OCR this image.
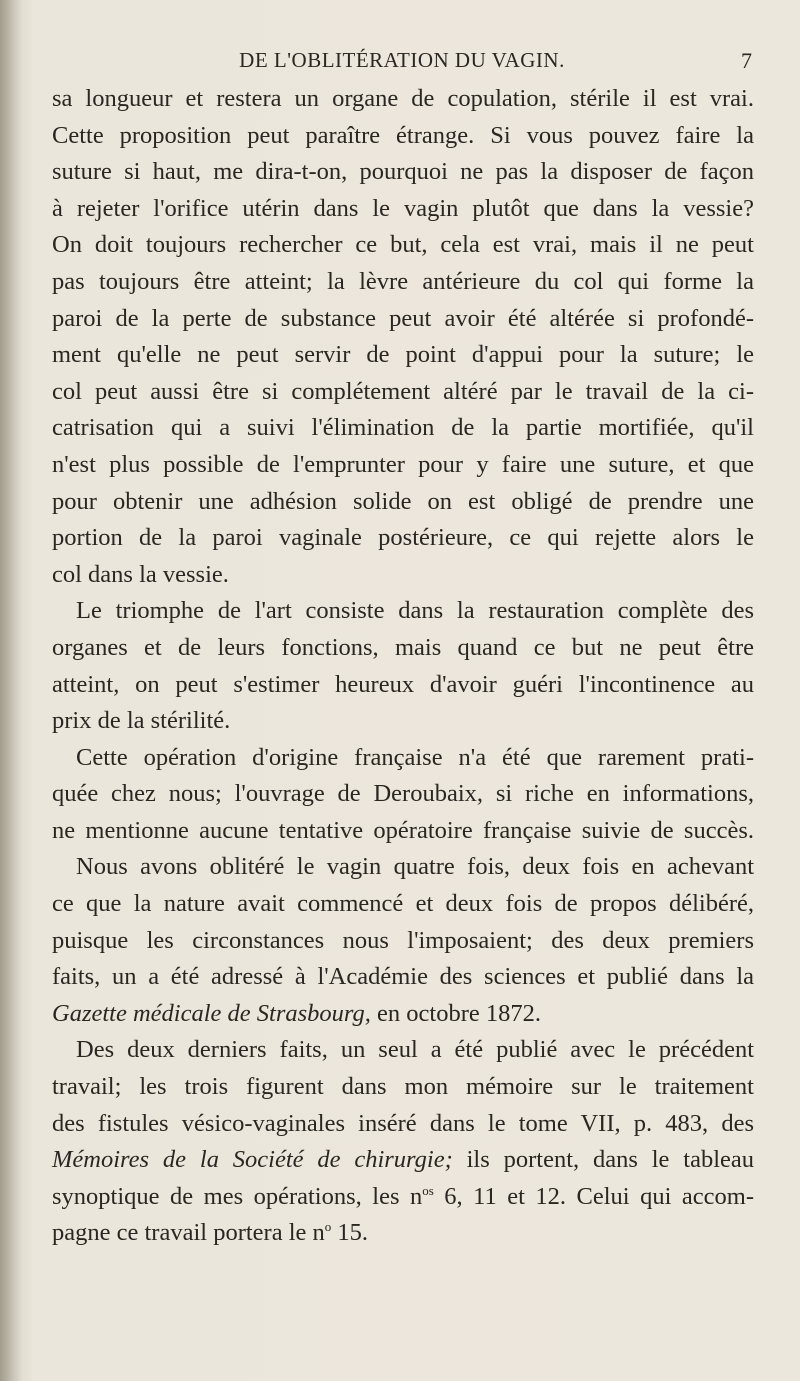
DE L'OBLITÉRATION DU VAGIN.	7
sa longueur et restera un organe de copulation, stérile il est vrai.
Cette proposition peut paraître étrange. Si vous pouvez faire la
suture si haut, me dira-t-on, pourquoi ne pas la disposer de façon
à rejeter l'orifice utérin dans le vagin plutôt que dans la vessie?
On doit toujours rechercher ce but, cela est vrai, mais il ne peut
pas toujours être atteint; la lèvre antérieure du col qui forme la
paroi de la perte de substance peut avoir été altérée si profondé-
ment qu'elle ne peut servir de point d'appui pour la suture; le
col peut aussi être si complétement altéré par le travail de la ci-
catrisation qui a suivi l'élimination de la partie mortifiée, qu'il
n'est plus possible de l'emprunter pour y faire une suture, et que
pour obtenir une adhésion solide on est obligé de prendre une
portion de la paroi vaginale postérieure, ce qui rejette alors le
col dans la vessie.
Le triomphe de l'art consiste dans la restauration complète des
organes et de leurs fonctions, mais quand ce but ne peut être
atteint, on peut s'estimer heureux d'avoir guéri l'incontinence au
prix de la stérilité.
Cette opération d'origine française n'a été que rarement prati-
quée chez nous; l'ouvrage de Deroubaix, si riche en informations,
ne mentionne aucune tentative opératoire française suivie de succès.
Nous avons oblitéré le vagin quatre fois, deux fois en achevant
ce que la nature avait commencé et deux fois de propos délibéré,
puisque les circonstances nous l'imposaient; des deux premiers
faits, un a été adressé à l'Académie des sciences et publié dans la
Gazette médicale de Strasbourg, en octobre 1872.
Des deux derniers faits, un seul a été publié avec le précédent
travail; les trois figurent dans mon mémoire sur le traitement
des fistules vésico-vaginales inséré dans le tome VII, p. 483, des
Mémoires de la Société de chirurgie; ils portent, dans le tableau
synoptique de mes opérations, les $n^{os}$ 6, 11 et 12. Celui qui accom-
pagne ce travail portera le $n^o$ 15.
